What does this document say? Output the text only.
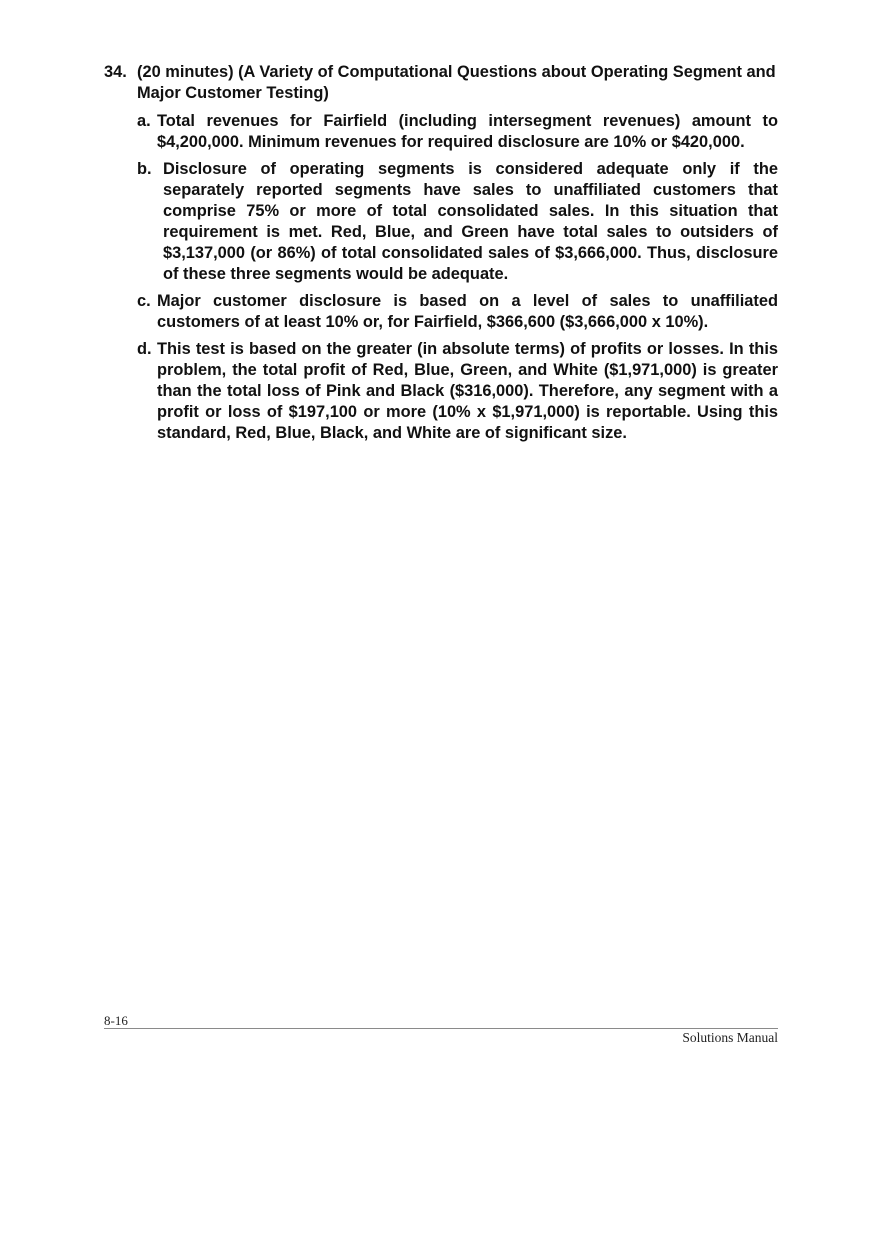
34. (20 minutes) (A Variety of Computational Questions about Operating Segment and Major Customer Testing)
a. Total revenues for Fairfield (including intersegment revenues) amount to $4,200,000. Minimum revenues for required disclosure are 10% or $420,000.
b. Disclosure of operating segments is considered adequate only if the separately reported segments have sales to unaffiliated customers that comprise 75% or more of total consolidated sales. In this situation that requirement is met. Red, Blue, and Green have total sales to outsiders of $3,137,000 (or 86%) of total consolidated sales of $3,666,000. Thus, disclosure of these three segments would be adequate.
c. Major customer disclosure is based on a level of sales to unaffiliated customers of at least 10% or, for Fairfield, $366,600 ($3,666,000 x 10%).
d. This test is based on the greater (in absolute terms) of profits or losses. In this problem, the total profit of Red, Blue, Green, and White ($1,971,000) is greater than the total loss of Pink and Black ($316,000). Therefore, any segment with a profit or loss of $197,100 or more (10% x $1,971,000) is reportable. Using this standard, Red, Blue, Black, and White are of significant size.
8-16
Solutions Manual
